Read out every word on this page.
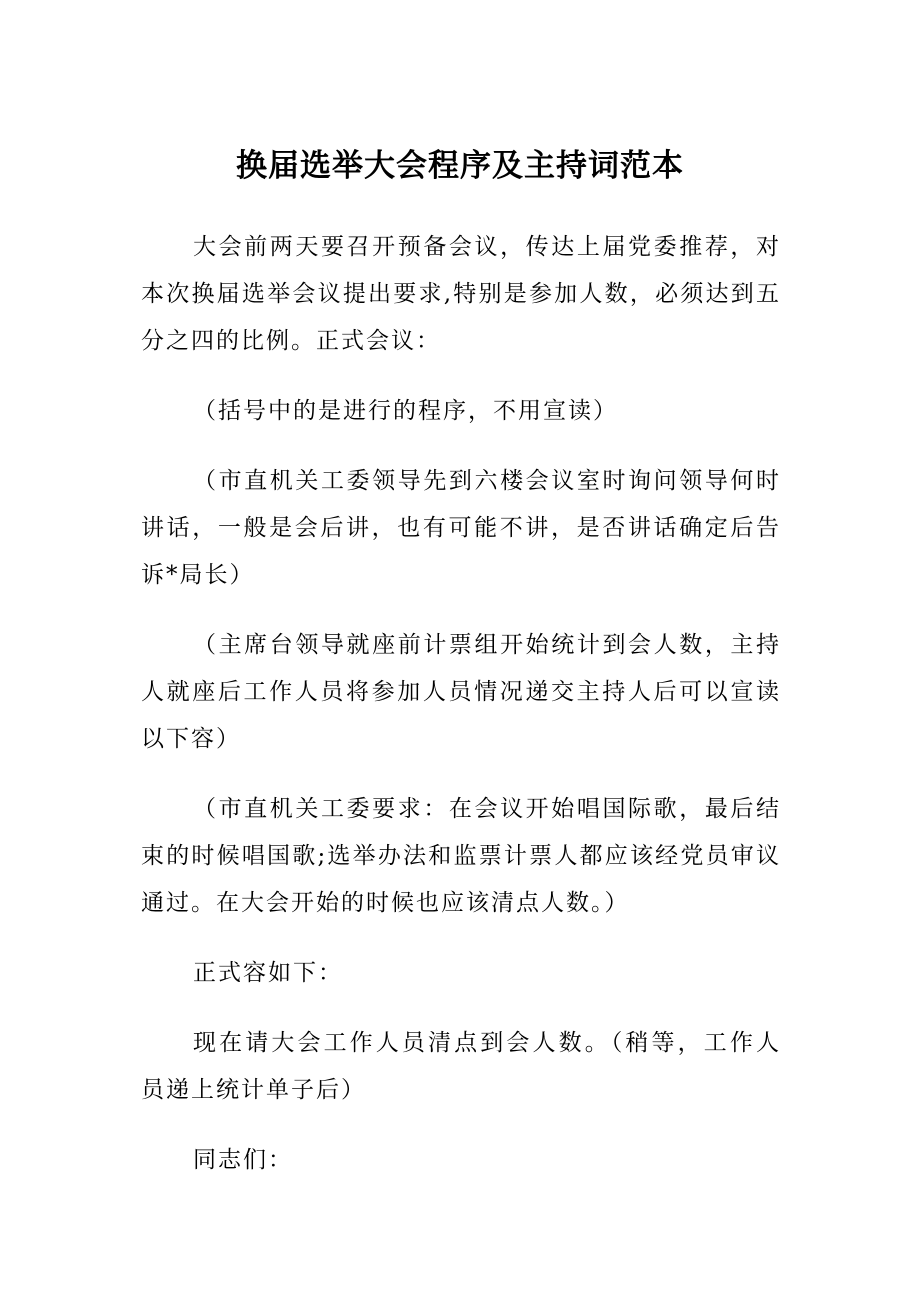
换届选举大会程序及主持词范本

大会前两天要召开预备会议，传达上届党委推荐，对本次换届选举会议提出要求,特别是参加人数，必须达到五分之四的比例。正式会议：

（括号中的是进行的程序，不用宣读）

（市直机关工委领导先到六楼会议室时询问领导何时讲话，一般是会后讲，也有可能不讲，是否讲话确定后告诉*局长）

（主席台领导就座前计票组开始统计到会人数，主持人就座后工作人员将参加人员情况递交主持人后可以宣读以下容）

（市直机关工委要求：在会议开始唱国际歌，最后结束的时候唱国歌;选举办法和监票计票人都应该经党员审议通过。在大会开始的时候也应该清点人数。）

正式容如下：

现在请大会工作人员清点到会人数。（稍等，工作人员递上统计单子后）

同志们：
